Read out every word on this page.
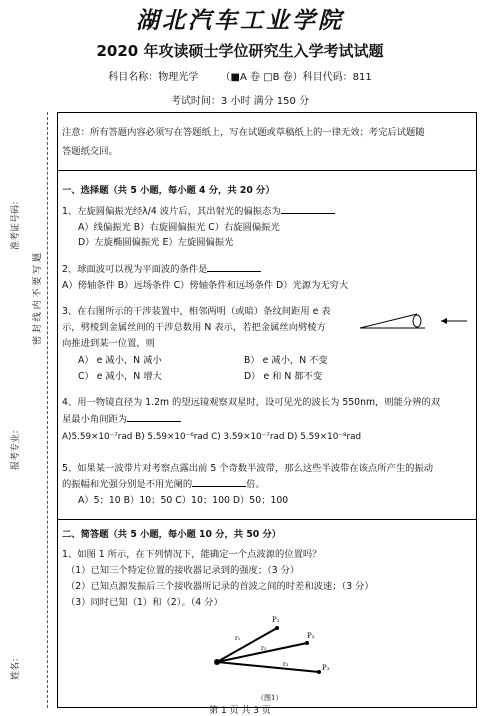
湖北汽车工业学院
2020 年攻读硕士学位研究生入学考试试题
科目名称：物理光学 （■A 卷 □B 卷）科目代码：811
考试时间：3 小时 满分 150 分
准考证号码：
密 封 线 内 不 要 写 题
报考专业：
姓名：
注意：所有答题内容必须写在答题纸上，写在试题或草稿纸上的一律无效；考完后试题随
答题纸交回。
一、选择题（共 5 小题，每小题 4 分，共 20 分）
1、左旋圆偏振光经λ/4 波片后，其出射光的偏振态为
A）线偏振光 B）右旋圆偏振光 C）右旋圆偏振光
D）左旋椭圆偏振光 E）左旋圆偏振光
2、球面波可以视为平面波的条件是
A）傍轴条件 B）远场条件 C）傍轴条件和远场条件 D）光源为无穷大
3、在右图所示的干涉装置中，相邻两明（或暗）条纹间距用 e 表
示，劈棱到金属丝间的干涉总数用 N 表示，若把金属丝向劈棱方
向推进到某一位置，则
A） e 减小，N 减小	B） e 减小，N 不变
C） e 减小，N 增大	D） e 和 N 都不变
4、用一物镜直径为 1.2m 的望远镜观察双星时，设可见光的波长为 550nm，则能分辨的双
星最小角间距为
A)5.59×10⁻⁷rad B) 5.59×10⁻⁶rad C) 3.59×10⁻⁷rad D) 5.59×10⁻⁸rad
5、如果某一波带片对考察点露出前 5 个奇数半波带，那么这些半波带在该点所产生的振动
的振幅和光强分别是不用光阑的	倍。
A）5；10 B）10；50 C）10；100 D）50；100
二、简答题（共 5 小题，每小题 10 分，共 50 分）
1、如图 1 所示，在下列情况下，能确定一个点波源的位置吗？
（1）已知三个特定位置的接收器记录到的强度；（3 分）
（2）已知点源发振后三个接收器所记录的首波之间的时差和波速；（3 分）
（3）同时已知（1）和（2）。（4 分）
P₁
P₂
P₃
r₁
r₂
r₃
（图1）
第 1 页 共 3 页
